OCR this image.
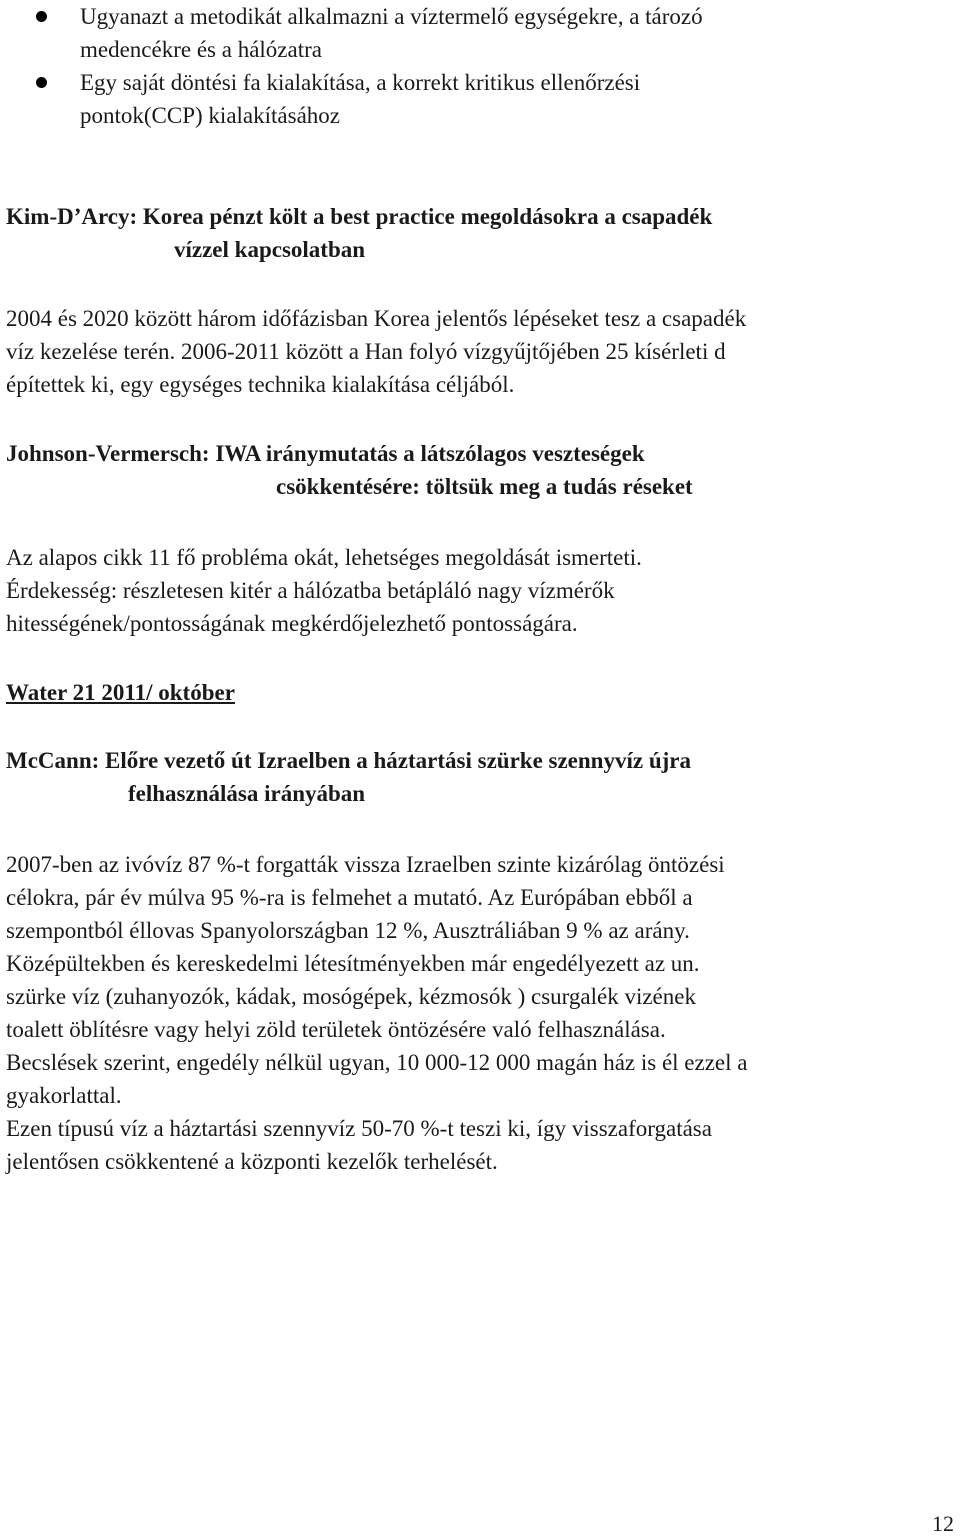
Ugyanazt a metodikát alkalmazni a víztermelő egységekre, a tározó
medencékre és a hálózatra
Egy saját döntési fa kialakítása, a korrekt kritikus ellenőrzési
pontok(CCP) kialakításához
Kim-D’Arcy: Korea pénzt költ a best practice megoldásokra a csapadék
vízzel kapcsolatban
2004 és 2020 között három időfázisban Korea jelentős lépéseket tesz a csapadék
víz kezelése terén. 2006-2011 között a Han folyó vízgyűjtőjében 25 kísérleti d
építettek ki, egy egységes technika kialakítása céljából.
Johnson-Vermersch: IWA iránymutatás a látszólagos veszteségek
csökkentésére: töltsük meg a tudás réseket
Az alapos cikk 11 fő probléma okát, lehetséges megoldását ismerteti.
Érdekesség: részletesen kitér a hálózatba betápláló nagy vízmérők
hitességének/pontosságának megkérdőjelezhető pontosságára.
Water 21 2011/ október
McCann: Előre vezető út Izraelben a háztartási szürke szennyvíz újra
felhasználása irányában
2007-ben az ivóvíz 87 %-t forgatták vissza Izraelben szinte kizárólag öntözési
célokra, pár év múlva 95 %-ra is felmehet a mutató. Az Európában ebből a
szempontból éllovas Spanyolországban 12 %, Ausztráliában 9 % az arány.
Középültekben és kereskedelmi létesítményekben már engedélyezett az un.
szürke víz (zuhanyozók, kádak, mosógépek, kézmosók ) csurgalék vizének
toalett öblítésre vagy helyi zöld területek öntözésére való felhasználása.
Becslések szerint, engedély nélkül ugyan, 10 000-12 000 magán ház is él ezzel a
gyakorlattal.
Ezen típusú víz a háztartási szennyvíz 50-70 %-t teszi ki, így visszaforgatása
jelentősen csökkentené a központi kezelők terhelését.
12
